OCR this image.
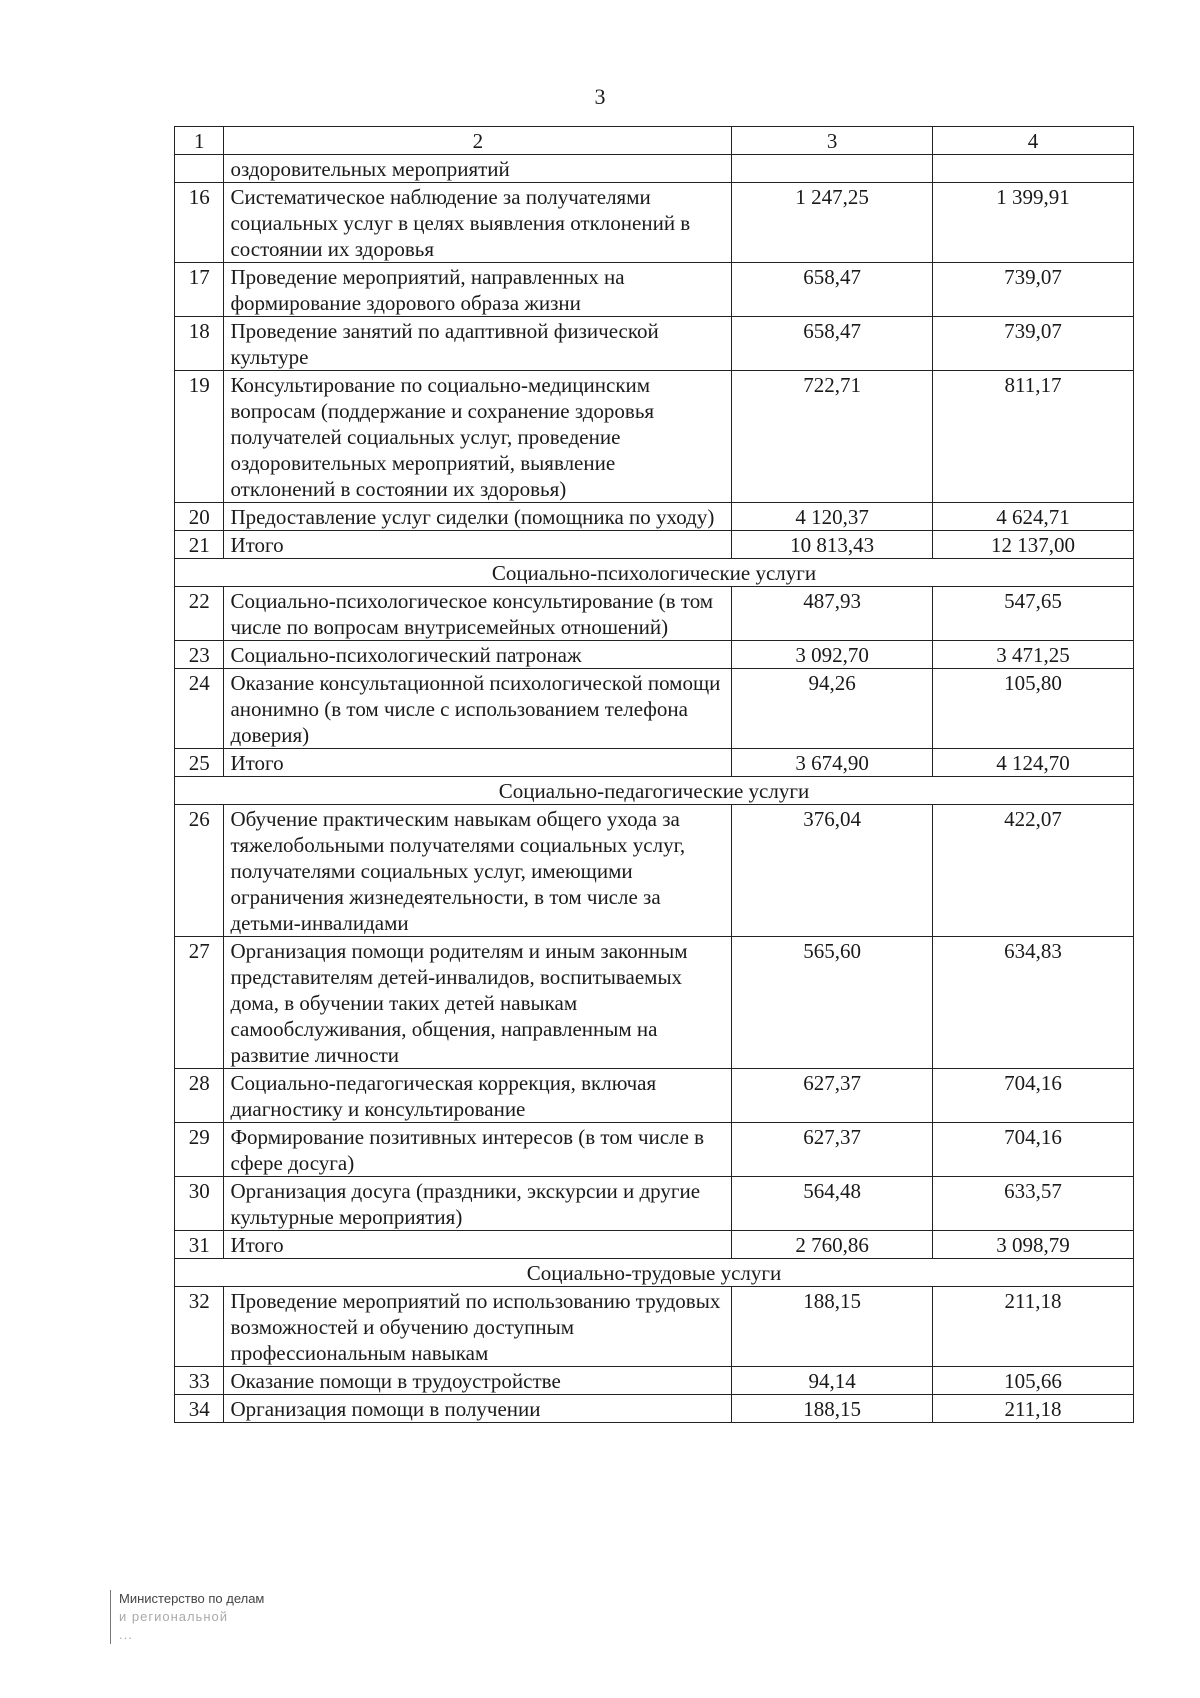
3
1	2	3	4
	оздоровительных мероприятий		
16	Систематическое наблюдение за получателями социальных услуг в целях выявления отклонений в состоянии их здоровья	1 247,25	1 399,91
17	Проведение мероприятий, направленных на формирование здорового образа жизни	658,47	739,07
18	Проведение занятий по адаптивной физической культуре	658,47	739,07
19	Консультирование по социально-медицинским вопросам (поддержание и сохранение здоровья получателей социальных услуг, проведение оздоровительных мероприятий, выявление отклонений в состоянии их здоровья)	722,71	811,17
20	Предоставление услуг сиделки (помощника по уходу)	4 120,37	4 624,71
21	Итого	10 813,43	12 137,00
Социально-психологические услуги			
22	Социально-психологическое консультирование (в том числе по вопросам внутрисемейных отношений)	487,93	547,65
23	Социально-психологический патронаж	3 092,70	3 471,25
24	Оказание консультационной психологической помощи анонимно (в том числе с использованием телефона доверия)	94,26	105,80
25	Итого	3 674,90	4 124,70
Социально-педагогические услуги			
26	Обучение практическим навыкам общего ухода за тяжелобольными получателями социальных услуг, получателями социальных услуг, имеющими ограничения жизнедеятельности, в том числе за детьми-инвалидами	376,04	422,07
27	Организация помощи родителям и иным законным представителям детей-инвалидов, воспитываемых дома, в обучении таких детей навыкам самообслуживания, общения, направленным на развитие личности	565,60	634,83
28	Социально-педагогическая коррекция, включая диагностику и консультирование	627,37	704,16
29	Формирование позитивных интересов (в том числе в сфере досуга)	627,37	704,16
30	Организация досуга (праздники, экскурсии и другие культурные мероприятия)	564,48	633,57
31	Итого	2 760,86	3 098,79
Социально-трудовые услуги			
32	Проведение мероприятий по использованию трудовых возможностей и обучению доступным профессиональным навыкам	188,15	211,18
33	Оказание помощи в трудоустройстве	94,14	105,66
34	Организация помощи в получении	188,15	211,18
Министерство по делам
и региональной
...
